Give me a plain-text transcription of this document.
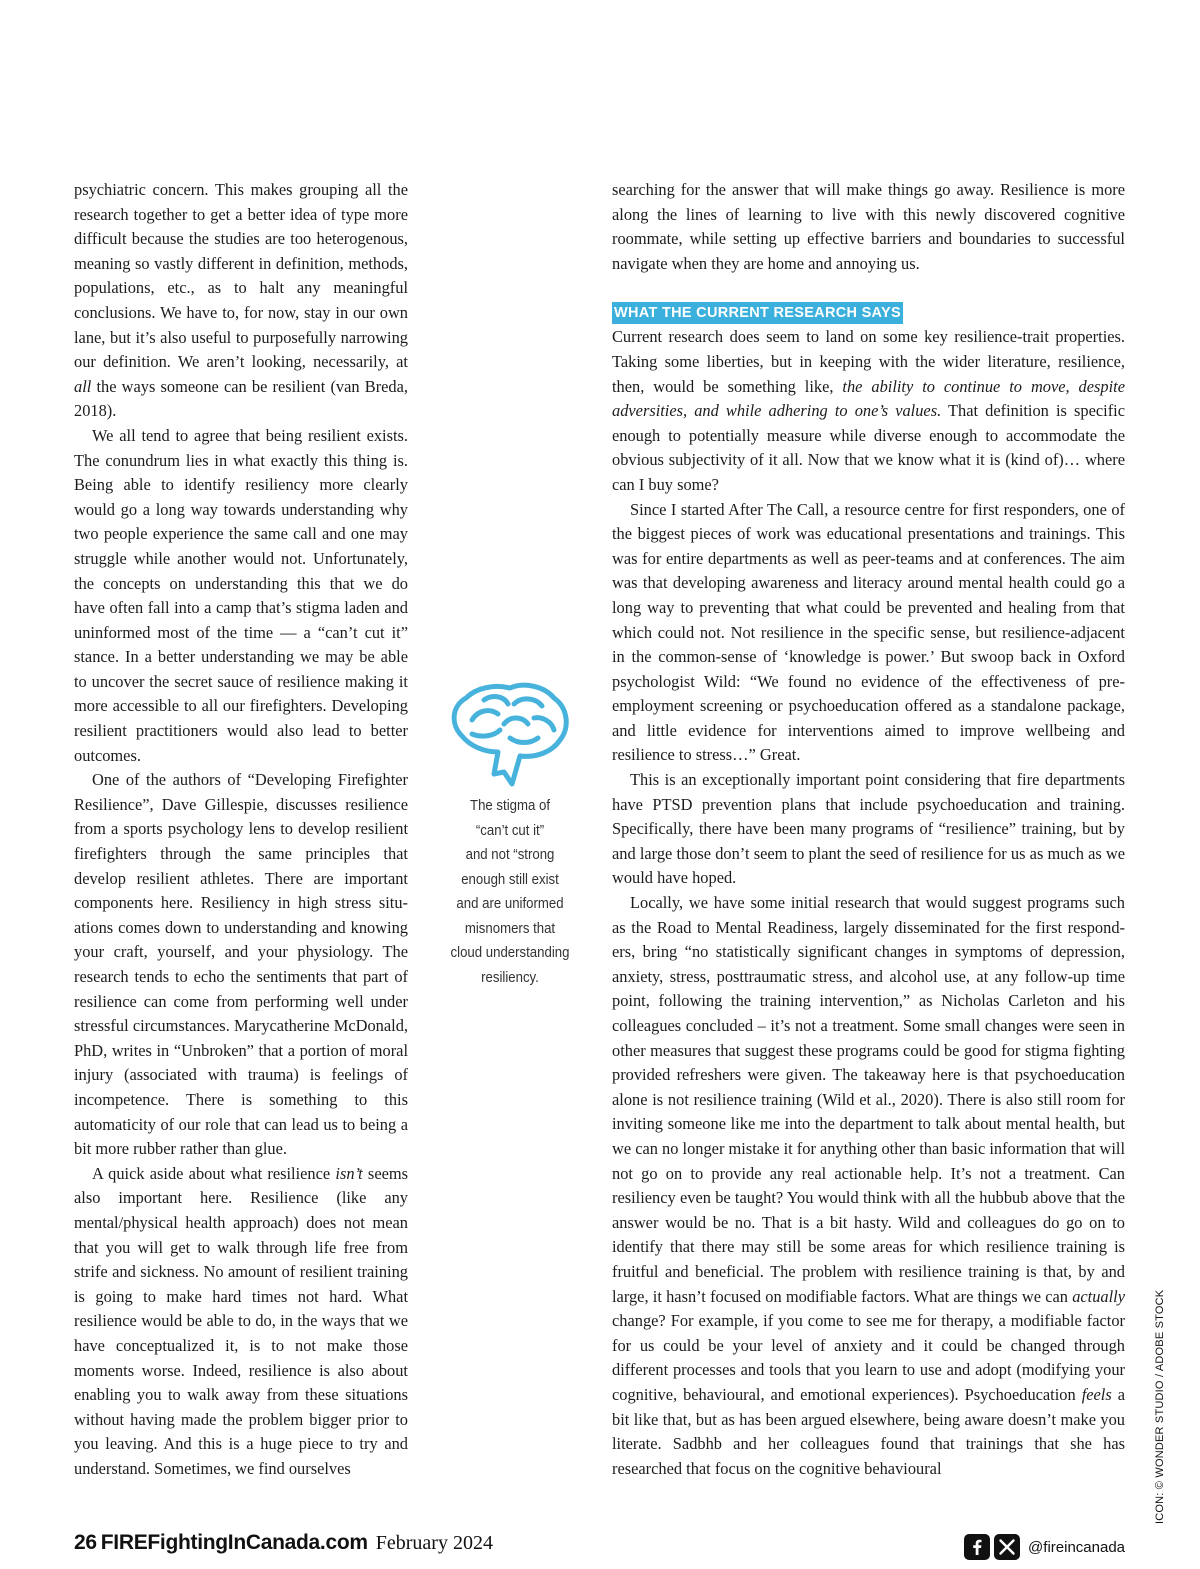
psychiatric concern. This makes grouping all the research together to get a better idea of type more difficult because the studies are too heterogenous, meaning so vastly different in definition, methods, populations, etc., as to halt any meaningful conclusions. We have to, for now, stay in our own lane, but it’s also useful to purposefully narrowing our definition. We aren’t looking, necessarily, at all the ways someone can be resilient (van Breda, 2018).

We all tend to agree that being resilient exists. The conundrum lies in what exactly this thing is. Being able to identify resiliency more clearly would go a long way towards understanding why two people experience the same call and one may struggle while another would not. Unfortunately, the concepts on understanding this that we do have often fall into a camp that’s stigma laden and uninformed most of the time — a “can’t cut it” stance. In a better understanding we may be able to uncover the secret sauce of resilience making it more accessible to all our firefighters. Developing resilient practitioners would also lead to better outcomes.

One of the authors of “Developing Firefighter Resilience”, Dave Gillespie, discusses resilience from a sports psychology lens to develop resilient firefighters through the same principles that develop resilient athletes. There are important components here. Resiliency in high stress situations comes down to understanding and knowing your craft, yourself, and your physiology. The research tends to echo the sentiments that part of resilience can come from performing well under stressful circumstances. Marycatherine McDonald, PhD, writes in “Unbroken” that a portion of moral injury (associated with trauma) is feelings of incompetence. There is something to this automaticity of our role that can lead us to being a bit more rubber rather than glue.

A quick aside about what resilience isn’t seems also important here. Resilience (like any mental/physical health approach) does not mean that you will get to walk through life free from strife and sickness. No amount of resilient training is going to make hard times not hard. What resilience would be able to do, in the ways that we have conceptualized it, is to not make those moments worse. Indeed, resilience is also about enabling you to walk away from these situations without having made the problem bigger prior to you leaving. And this is a huge piece to try and understand. Sometimes, we find ourselves

The stigma of
“can’t cut it”
and not “strong
enough still exist
and are uniformed
misnomers that
cloud understanding
resiliency.

searching for the answer that will make things go away. Resilience is more along the lines of learning to live with this newly discovered cognitive roommate, while setting up effective barriers and boundaries to successful navigate when they are home and annoying us.

WHAT THE CURRENT RESEARCH SAYS

Current research does seem to land on some key resilience-trait properties. Taking some liberties, but in keeping with the wider literature, resilience, then, would be something like, the ability to continue to move, despite adversities, and while adhering to one’s values. That definition is specific enough to potentially measure while diverse enough to accommodate the obvious subjectivity of it all. Now that we know what it is (kind of)… where can I buy some?

Since I started After The Call, a resource centre for first responders, one of the biggest pieces of work was educational presentations and trainings. This was for entire departments as well as peer-teams and at conferences. The aim was that developing awareness and literacy around mental health could go a long way to preventing that what could be prevented and healing from that which could not. Not resilience in the specific sense, but resilience-adjacent in the common-sense of ‘knowledge is power.’ But swoop back in Oxford psychologist Wild: “We found no evidence of the effectiveness of pre-employment screening or psychoeducation offered as a standalone package, and little evidence for interventions aimed to improve wellbeing and resilience to stress…” Great.

This is an exceptionally important point considering that fire departments have PTSD prevention plans that include psychoeducation and training. Specifically, there have been many programs of “resilience” training, but by and large those don’t seem to plant the seed of resilience for us as much as we would have hoped.

Locally, we have some initial research that would suggest programs such as the Road to Mental Readiness, largely disseminated for the first responders, bring “no statistically significant changes in symptoms of depression, anxiety, stress, posttraumatic stress, and alcohol use, at any follow-up time point, following the training intervention,” as Nicholas Carleton and his colleagues concluded – it’s not a treatment. Some small changes were seen in other measures that suggest these programs could be good for stigma fighting provided refreshers were given. The takeaway here is that psychoeducation alone is not resilience training (Wild et al., 2020). There is also still room for inviting someone like me into the department to talk about mental health, but we can no longer mistake it for anything other than basic information that will not go on to provide any real actionable help. It’s not a treatment. Can resiliency even be taught? You would think with all the hubbub above that the answer would be no. That is a bit hasty. Wild and colleagues do go on to identify that there may still be some areas for which resilience training is fruitful and beneficial. The problem with resilience training is that, by and large, it hasn’t focused on modifiable factors. What are things we can actually change? For example, if you come to see me for therapy, a modifiable factor for us could be your level of anxiety and it could be changed through different processes and tools that you learn to use and adopt (modifying your cognitive, behavioural, and emotional experiences). Psychoeducation feels a bit like that, but as has been argued elsewhere, being aware doesn’t make you literate. Sadbhb and her colleagues found that trainings that she has researched that focus on the cognitive behavioural

26 FIREFightingInCanada.com February 2024	@fireincanada
ICON: © WONDER STUDIO / ADOBE STOCK
